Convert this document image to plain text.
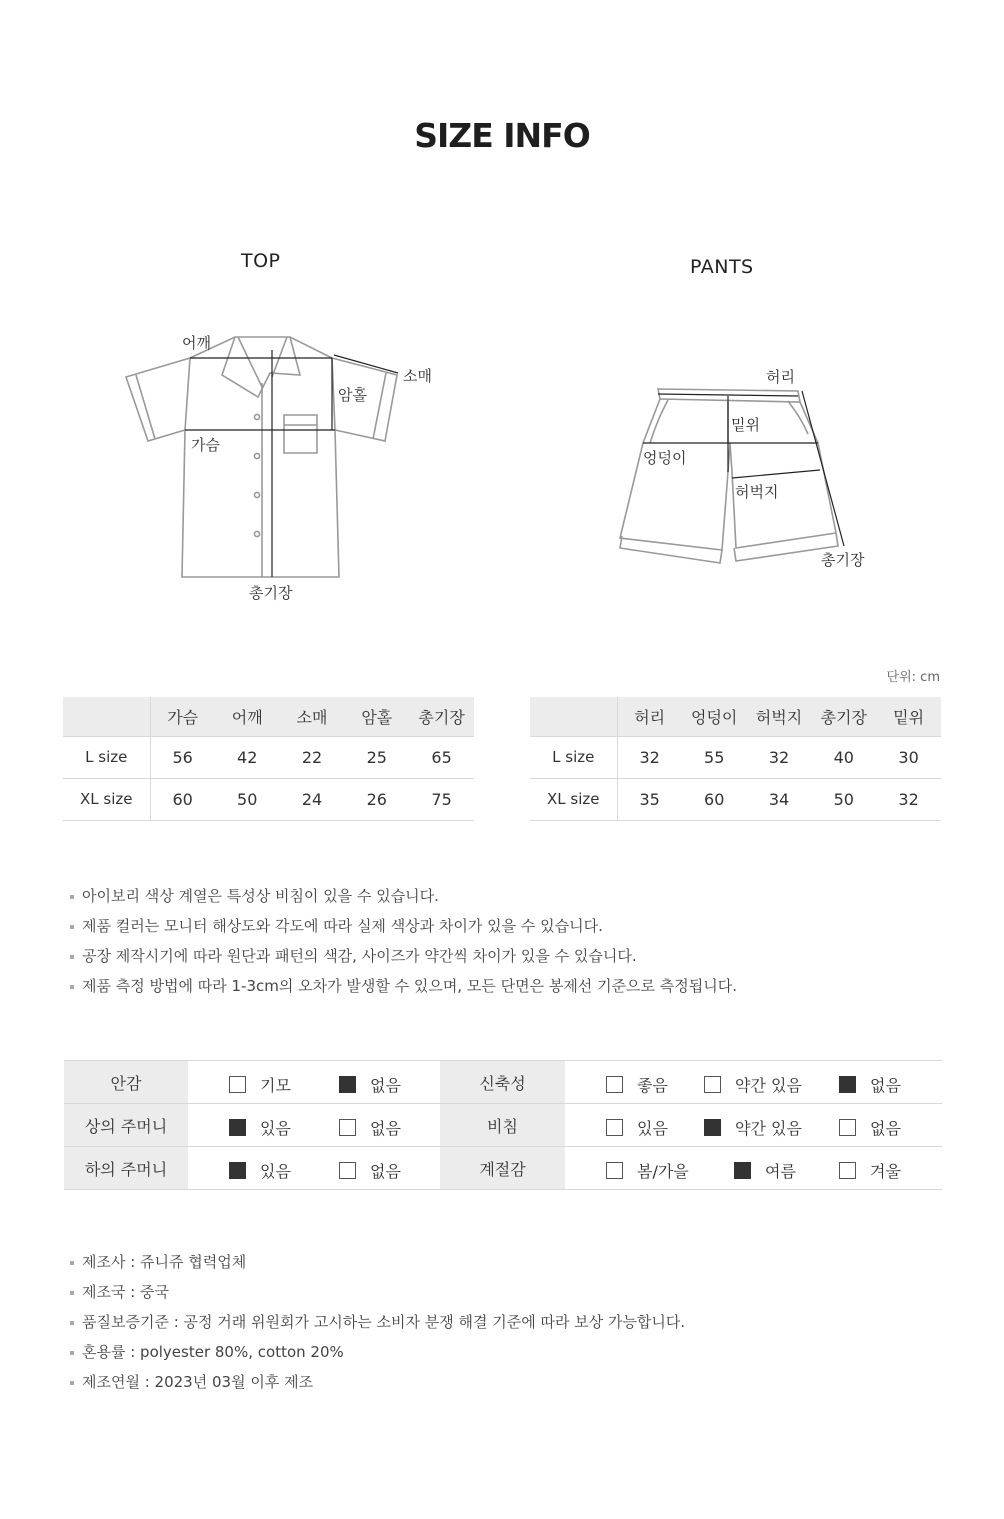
SIZE INFO
TOP	PANTS
어깨
소매
암홀
가슴
총기장
허리
밑위
엉덩이
허벅지
총기장
단위: cm
	가슴	어깨	소매	암홀	총기장
L size	56	42	22	25	65
XL size	60	50	24	26	75
	허리	엉덩이	허벅지	총기장	밑위
L size	32	55	32	40	30
XL size	35	60	34	50	32
아이보리 색상 계열은 특성상 비침이 있을 수 있습니다.
제품 컬러는 모니터 해상도와 각도에 따라 실제 색상과 차이가 있을 수 있습니다.
공장 제작시기에 따라 원단과 패턴의 색감, 사이즈가 약간씩 차이가 있을 수 있습니다.
제품 측정 방법에 따라 1-3cm의 오차가 발생할 수 있으며, 모든 단면은 봉제선 기준으로 측정됩니다.
안감	기모 없음	신축성	좋음 약간 있음 없음

상의 주머니	있음 없음	비침	있음 약간 있음 없음

하의 주머니	있음 없음	계절감	봄/가을 여름 겨울
제조사 : 쥬니쥬 협력업체
제조국 : 중국
품질보증기준 : 공정 거래 위원회가 고시하는 소비자 분쟁 해결 기준에 따라 보상 가능합니다.
혼용률 : polyester 80%, cotton 20%
제조연월 : 2023년 03월 이후 제조
